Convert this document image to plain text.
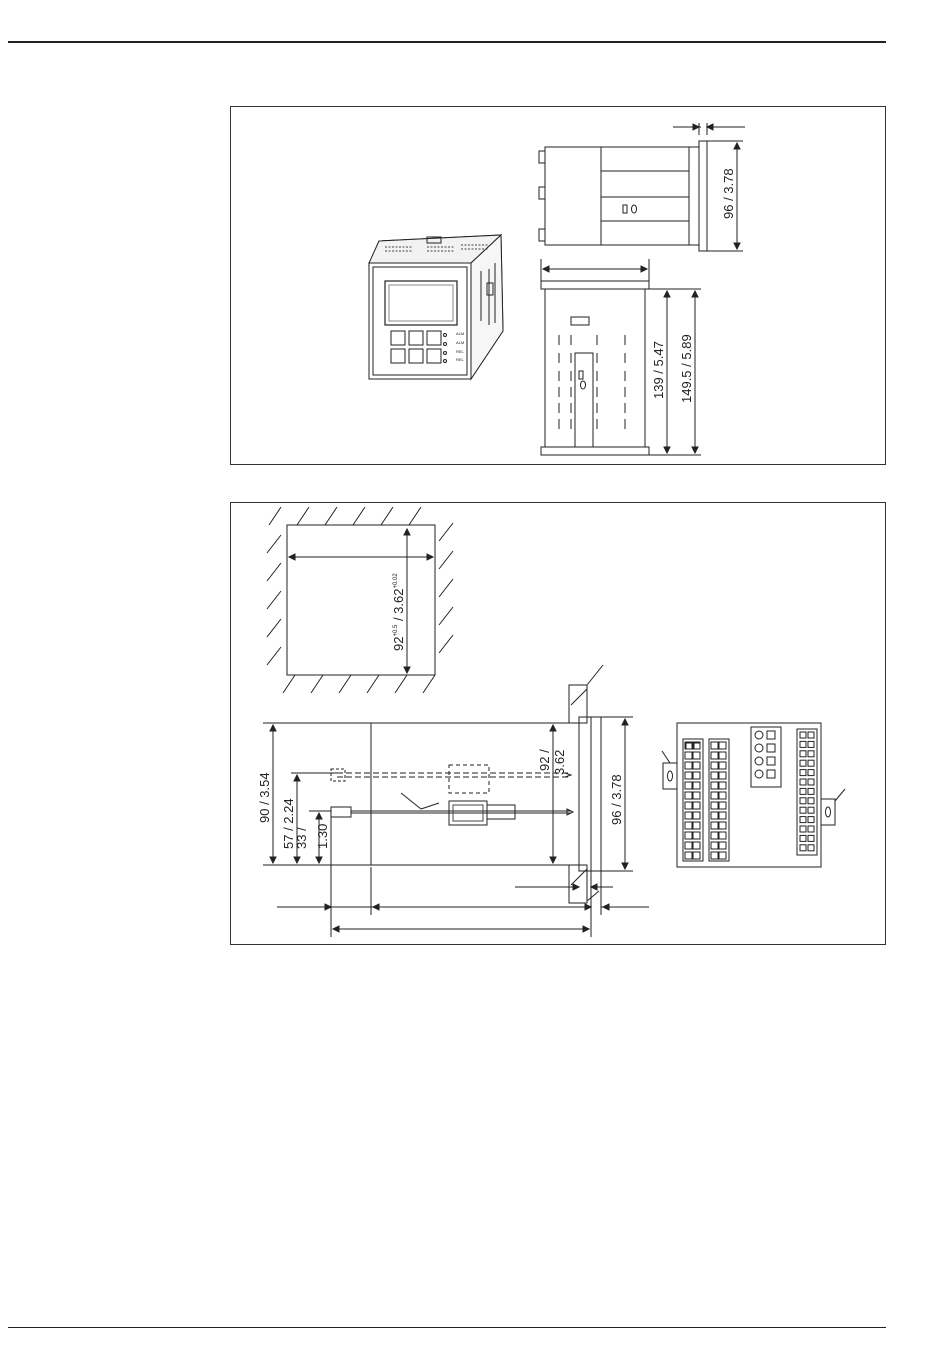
ALM
ALM
REL
REL
96 / 3.78
139 / 5.47 149.5 / 5.89
$92^{+0.5} / 3.62^{+0.02}$
90 / 3.54
57 / 2.24
33 / 1.30
92 / 3.62
96 / 3.78
